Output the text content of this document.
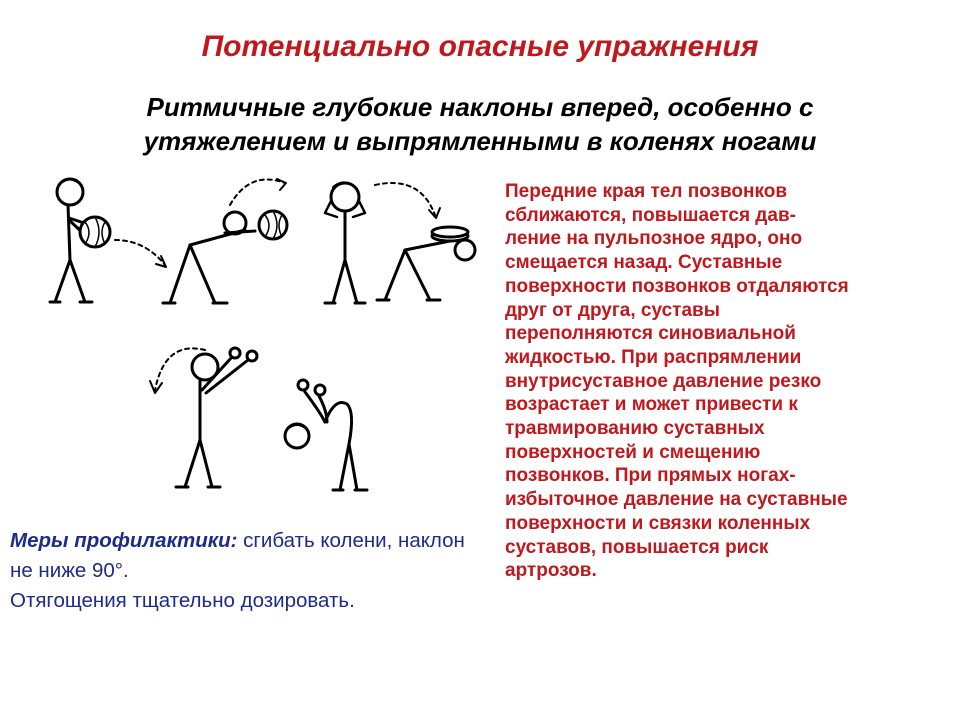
Потенциально опасные упражнения
Ритмичные глубокие наклоны вперед, особенно с
утяжелением и выпрямленными в коленях ногами

Передние края тел позвонков
сближаются, повышается дав-
ление на пульпозное ядро, оно
смещается назад. Суставные
поверхности позвонков отдаляются
друг от друга, суставы
переполняются синовиальной
жидкостью. При распрямлении
внутрисуставное давление резко
возрастает и может привести к
травмированию суставных
поверхностей и смещению
позвонков. При прямых ногах-
избыточное давление на суставные
поверхности и связки коленных
суставов, повышается риск
артрозов.

Меры профилактики: сгибать колени, наклон не ниже 90°.
Отягощения тщательно дозировать.
